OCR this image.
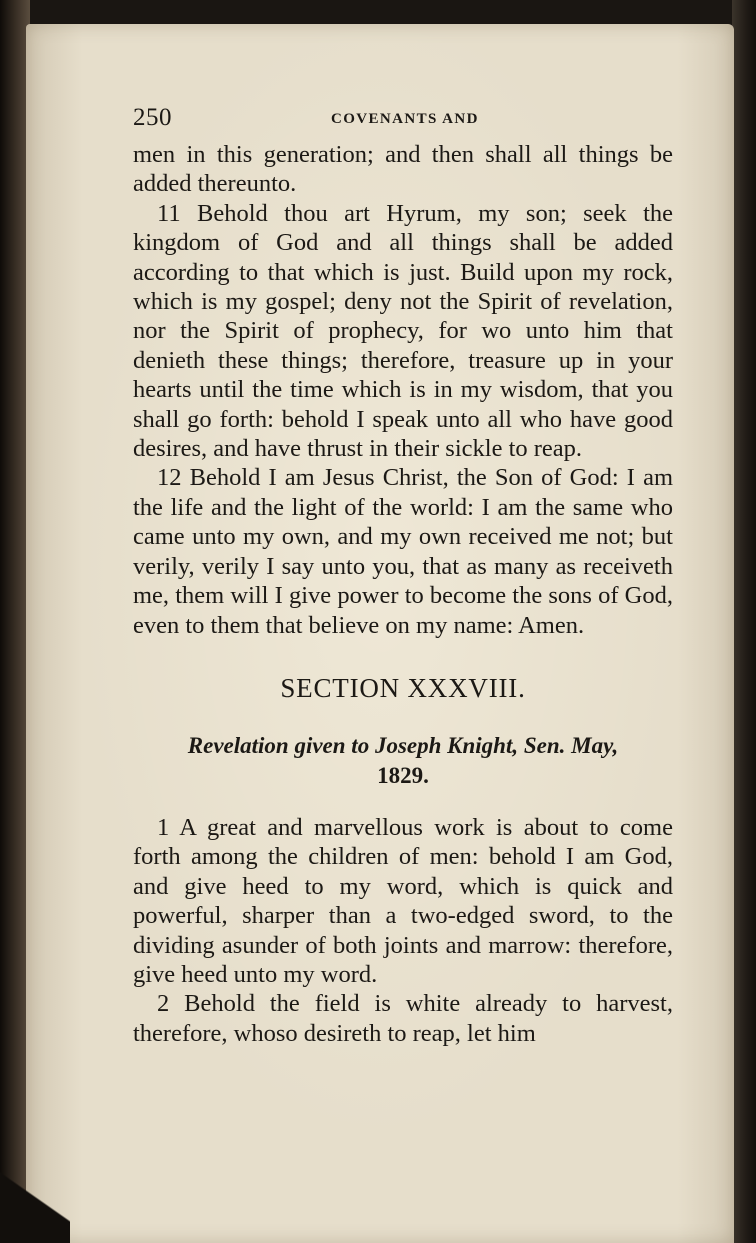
250	COVENANTS AND

men in this generation; and then shall all things be added thereunto.

11 Behold thou art Hyrum, my son; seek the kingdom of God and all things shall be added according to that which is just. Build upon my rock, which is my gospel; deny not the Spirit of revelation, nor the Spirit of prophecy, for wo unto him that denieth these things; therefore, treasure up in your hearts until the time which is in my wisdom, that you shall go forth: behold I speak unto all who have good desires, and have thrust in their sickle to reap.

12 Behold I am Jesus Christ, the Son of God: I am the life and the light of the world: I am the same who came unto my own, and my own received me not; but verily, verily I say unto you, that as many as receiveth me, them will I give power to become the sons of God, even to them that believe on my name: Amen.

SECTION XXXVIII.
Revelation given to Joseph Knight, Sen. May,
1829.

1 A great and marvellous work is about to come forth among the children of men: behold I am God, and give heed to my word, which is quick and powerful, sharper than a two-edged sword, to the dividing asunder of both joints and marrow: therefore, give heed unto my word.

2 Behold the field is white already to harvest, therefore, whoso desireth to reap, let him
